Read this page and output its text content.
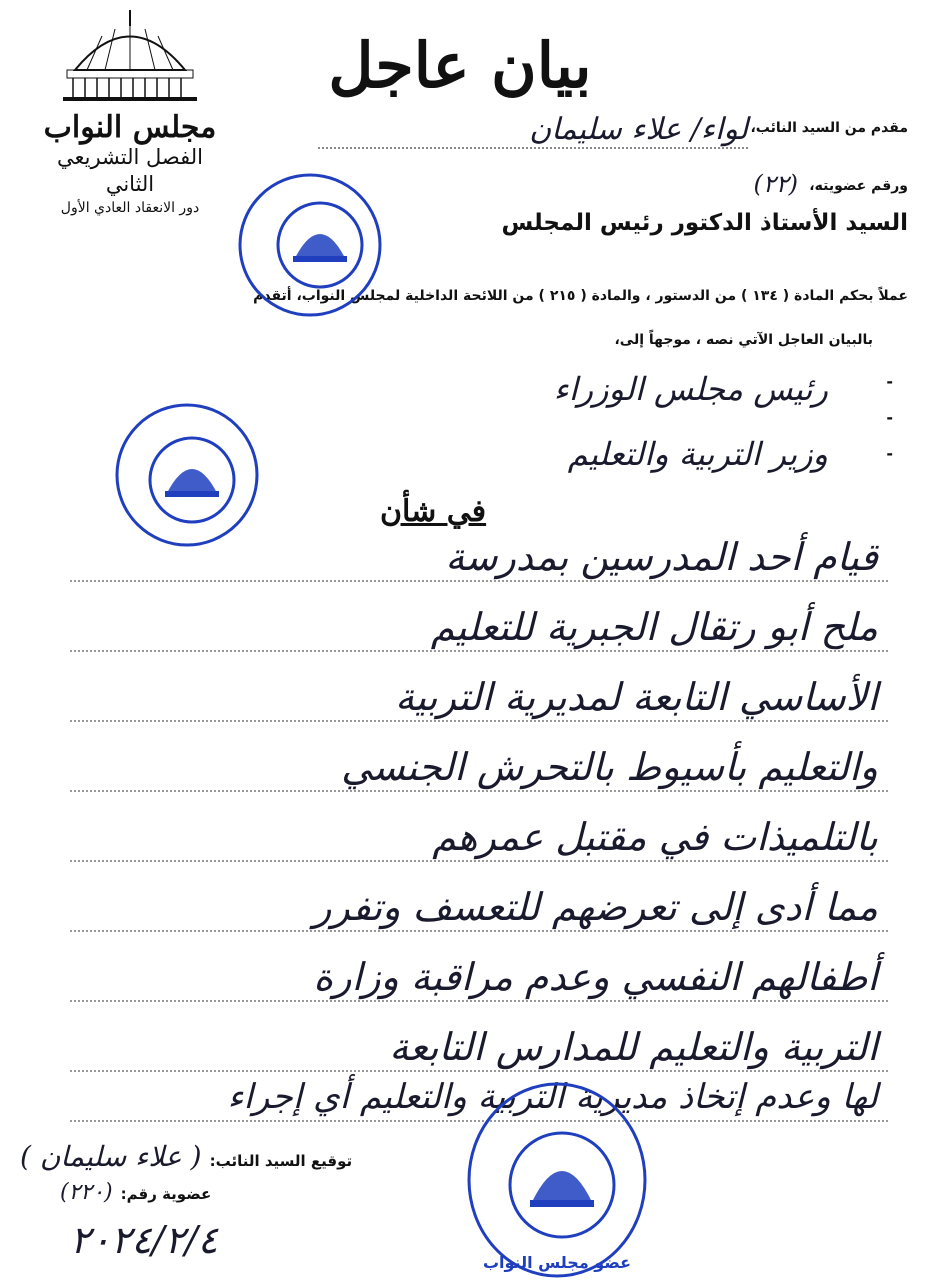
مجلس النواب
الفصل التشريعي الثاني
دور الانعقاد العادي الأول
بيان عاجل
مقدم من السيد النائب،
لواء/ علاء سليمان
ورقم عضويته،
(٢٢)
السيد الأستاذ الدكتور رئيس المجلس
عملاً بحكم المادة ( ١٣٤ ) من الدستور ، والمادة ( ٢١٥ ) من اللائحة الداخلية لمجلس النواب، أتقدم
بالبيان العاجل الآتي نصه ، موجهاً إلى،
-
-
-
رئيس مجلس الوزراء
وزير التربية والتعليم
في شأن
قيام أحد المدرسين بمدرسة
ملح أبو رتقال الجبرية للتعليم
الأساسي التابعة لمديرية التربية
والتعليم بأسيوط بالتحرش الجنسي
بالتلميذات في مقتبل عمرهم
مما أدى إلى تعرضهم للتعسف وتفرر
أطفالهم النفسي وعدم مراقبة وزارة
التربية والتعليم للمدارس التابعة
لها وعدم إتخاذ مديرية التربية والتعليم أي إجراء
توقيع السيد النائب:
( علاء سليمان )
عضوية رقم:
(٢٢٠)
٢٠٢٤/٢/٤
عضو مجلس النواب
